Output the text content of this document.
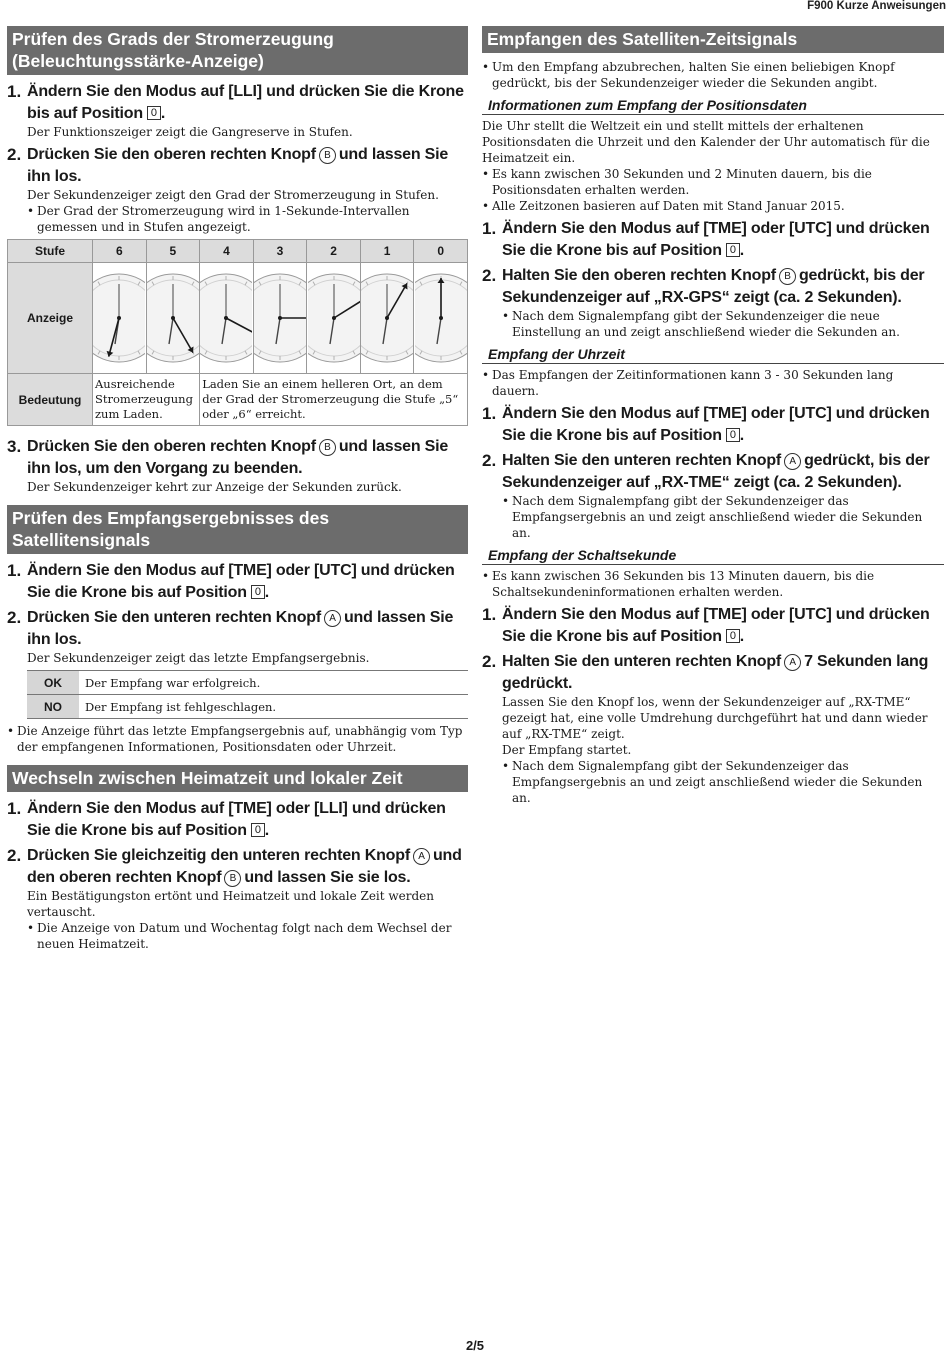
F900 Kurze Anweisungen
Prüfen des Grads der Stromerzeugung (Beleuchtungsstärke-Anzeige)
1. Ändern Sie den Modus auf [LLI] und drücken Sie die Krone bis auf Position 0 .
Der Funktionszeiger zeigt die Gangreserve in Stufen.
2. Drücken Sie den oberen rechten Knopf B und lassen Sie ihn los.
Der Sekundenzeiger zeigt den Grad der Stromerzeugung in Stufen.
• Der Grad der Stromerzeugung wird in 1-Sekunde-Intervallen gemessen und in Stufen angezeigt.
Stufe	6	5	4	3	2	1	0
Anzeige							
Bedeutung	Ausreichende Stromerzeugung zum Laden.		Laden Sie an einem helleren Ort, an dem der Grad der Stromerzeugung die Stufe „5“ oder „6“ erreicht.				
3. Drücken Sie den oberen rechten Knopf B und lassen Sie ihn los, um den Vorgang zu beenden.
Der Sekundenzeiger kehrt zur Anzeige der Sekunden zurück.
Prüfen des Empfangsergebnisses des Satellitensignals
1. Ändern Sie den Modus auf [TME] oder [UTC] und drücken Sie die Krone bis auf Position 0 .
2. Drücken Sie den unteren rechten Knopf A und lassen Sie ihn los.
Der Sekundenzeiger zeigt das letzte Empfangsergebnis.
OK	Der Empfang war erfolgreich.
NO	Der Empfang ist fehlgeschlagen.
• Die Anzeige führt das letzte Empfangsergebnis auf, unabhängig vom Typ der empfangenen Informationen, Positionsdaten oder Uhrzeit.
Wechseln zwischen Heimatzeit und lokaler Zeit
1. Ändern Sie den Modus auf [TME] oder [LLI] und drücken Sie die Krone bis auf Position 0 .
2. Drücken Sie gleichzeitig den unteren rechten Knopf A und den oberen rechten Knopf B und lassen Sie sie los.
Ein Bestätigungston ertönt und Heimatzeit und lokale Zeit werden vertauscht.
• Die Anzeige von Datum und Wochentag folgt nach dem Wechsel der neuen Heimatzeit.
Empfangen des Satelliten-Zeitsignals
• Um den Empfang abzubrechen, halten Sie einen beliebigen Knopf gedrückt, bis der Sekundenzeiger wieder die Sekunden angibt.
Informationen zum Empfang der Positionsdaten
Die Uhr stellt die Weltzeit ein und stellt mittels der erhaltenen Positionsdaten die Uhrzeit und den Kalender der Uhr automatisch für die Heimatzeit ein.
• Es kann zwischen 30 Sekunden und 2 Minuten dauern, bis die Positionsdaten erhalten werden.
• Alle Zeitzonen basieren auf Daten mit Stand Januar 2015.
1. Ändern Sie den Modus auf [TME] oder [UTC] und drücken Sie die Krone bis auf Position 0 .
2. Halten Sie den oberen rechten Knopf B gedrückt, bis der Sekundenzeiger auf „RX-GPS“ zeigt (ca. 2 Sekunden).
• Nach dem Signalempfang gibt der Sekundenzeiger die neue Einstellung an und zeigt anschließend wieder die Sekunden an.
Empfang der Uhrzeit
• Das Empfangen der Zeitinformationen kann 3 - 30 Sekunden lang dauern.
1. Ändern Sie den Modus auf [TME] oder [UTC] und drücken Sie die Krone bis auf Position 0 .
2. Halten Sie den unteren rechten Knopf A gedrückt, bis der Sekundenzeiger auf „RX-TME“ zeigt (ca. 2 Sekunden).
• Nach dem Signalempfang gibt der Sekundenzeiger das Empfangsergebnis an und zeigt anschließend wieder die Sekunden an.
Empfang der Schaltsekunde
• Es kann zwischen 36 Sekunden bis 13 Minuten dauern, bis die Schaltsekundeninformationen erhalten werden.
1. Ändern Sie den Modus auf [TME] oder [UTC] und drücken Sie die Krone bis auf Position 0 .
2. Halten Sie den unteren rechten Knopf A 7 Sekunden lang gedrückt.
Lassen Sie den Knopf los, wenn der Sekundenzeiger auf „RX-TME“ gezeigt hat, eine volle Umdrehung durchgeführt hat und dann wieder auf „RX-TME“ zeigt.
Der Empfang startet.
• Nach dem Signalempfang gibt der Sekundenzeiger das Empfangsergebnis an und zeigt anschließend wieder die Sekunden an.
2/5
